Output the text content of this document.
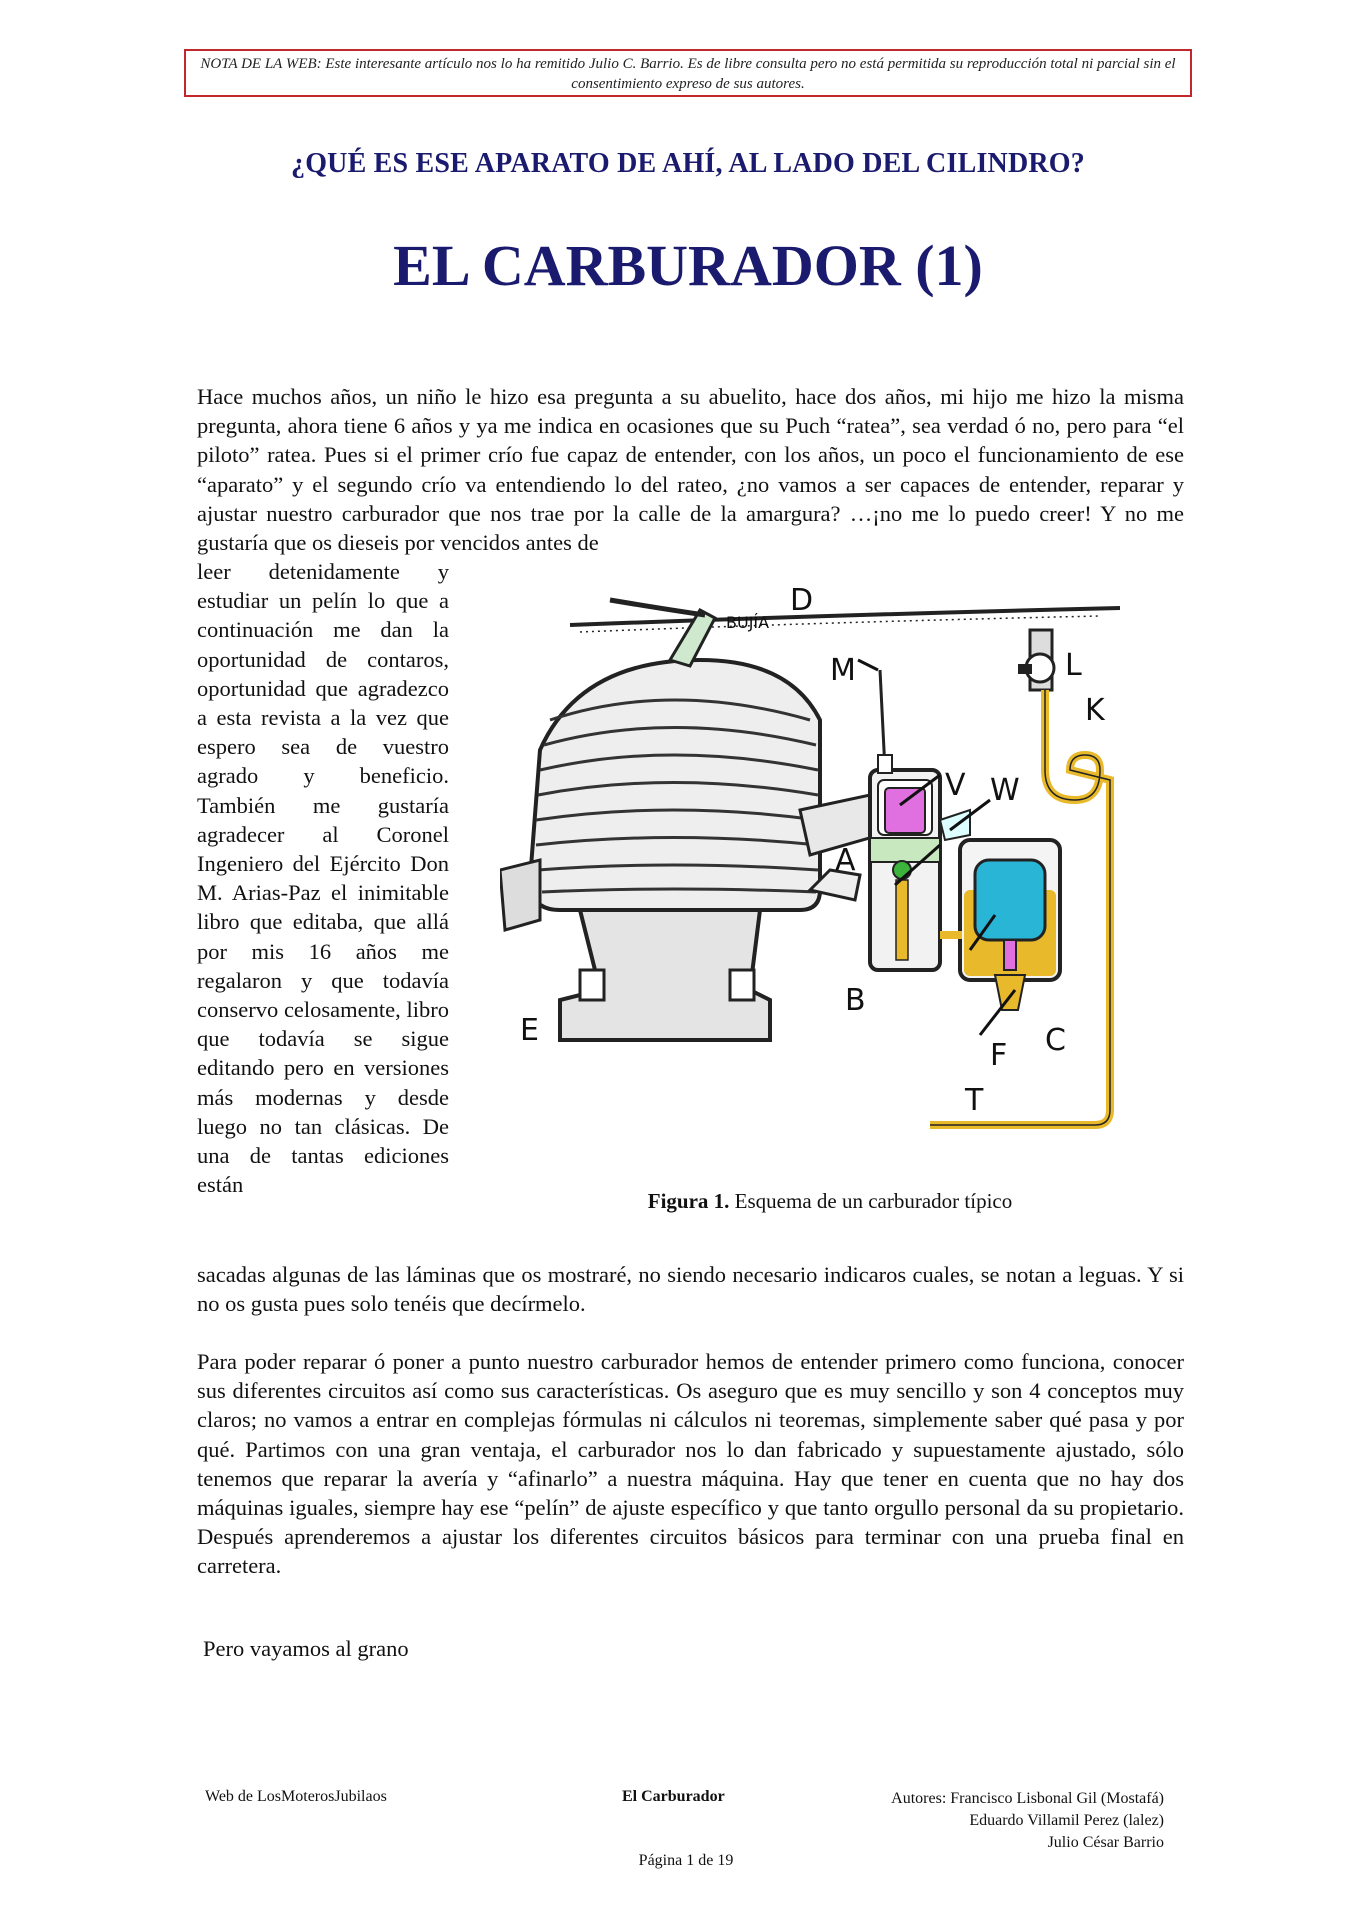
NOTA DE LA WEB: Este interesante artículo nos lo ha remitido Julio C. Barrio. Es de libre consulta pero no está permitida su reproducción total ni parcial sin el consentimiento expreso de sus autores.
¿QUÉ ES ESE APARATO DE AHÍ, AL LADO DEL CILINDRO?
EL CARBURADOR (1)
Hace muchos años, un niño le hizo esa pregunta a su abuelito, hace dos años, mi hijo me hizo la misma pregunta, ahora tiene 6 años y ya me indica en ocasiones que su Puch “ratea”, sea verdad ó no, pero para “el piloto” ratea. Pues si el primer crío fue capaz de entender, con los años, un poco el funcionamiento de ese “aparato” y el segundo crío va entendiendo lo del rateo, ¿no vamos a ser capaces de entender, reparar y ajustar nuestro carburador que nos trae por la calle de la amargura? …¡no me lo puedo creer! Y no me gustaría que os dieseis por vencidos antes de
leer detenidamente y estudiar un pelín lo que a continuación me dan la oportunidad de contaros, oportunidad que agradezco a esta revista a la vez que espero sea de vuestro agrado y beneficio. También me gustaría agradecer al Coronel Ingeniero del Ejército Don M. Arias-Paz el inimitable libro que editaba, que allá por mis 16 años me regalaron y que todavía conservo celosamente, libro que todavía se sigue editando pero en versiones más modernas y desde luego no tan clásicas. De una de tantas ediciones están
D
L
K
M
V W
A
B
E
F C
T
BUJÍA
Figura 1. Esquema de un carburador típico
sacadas algunas de las láminas que os mostraré, no siendo necesario indicaros cuales, se notan a leguas. Y si no os gusta pues solo tenéis que decírmelo.
Para poder reparar ó poner a punto nuestro carburador hemos de entender primero como funciona, conocer sus diferentes circuitos así como sus características. Os aseguro que es muy sencillo y son 4 conceptos muy claros; no vamos a entrar en complejas fórmulas ni cálculos ni teoremas, simplemente saber qué pasa y por qué. Partimos con una gran ventaja, el carburador nos lo dan fabricado y supuestamente ajustado, sólo tenemos que reparar la avería y “afinarlo” a nuestra máquina. Hay que tener en cuenta que no hay dos máquinas iguales, siempre hay ese “pelín” de ajuste específico y que tanto orgullo personal da su propietario. Después aprenderemos a ajustar los diferentes circuitos básicos para terminar con una prueba final en carretera.
Pero vayamos al grano
Web de LosMoterosJubilaos	El Carburador	Autores: Francisco Lisbonal Gil (Mostafá)
Eduardo Villamil Perez (lalez)
Julio César Barrio
Página 1 de 19
